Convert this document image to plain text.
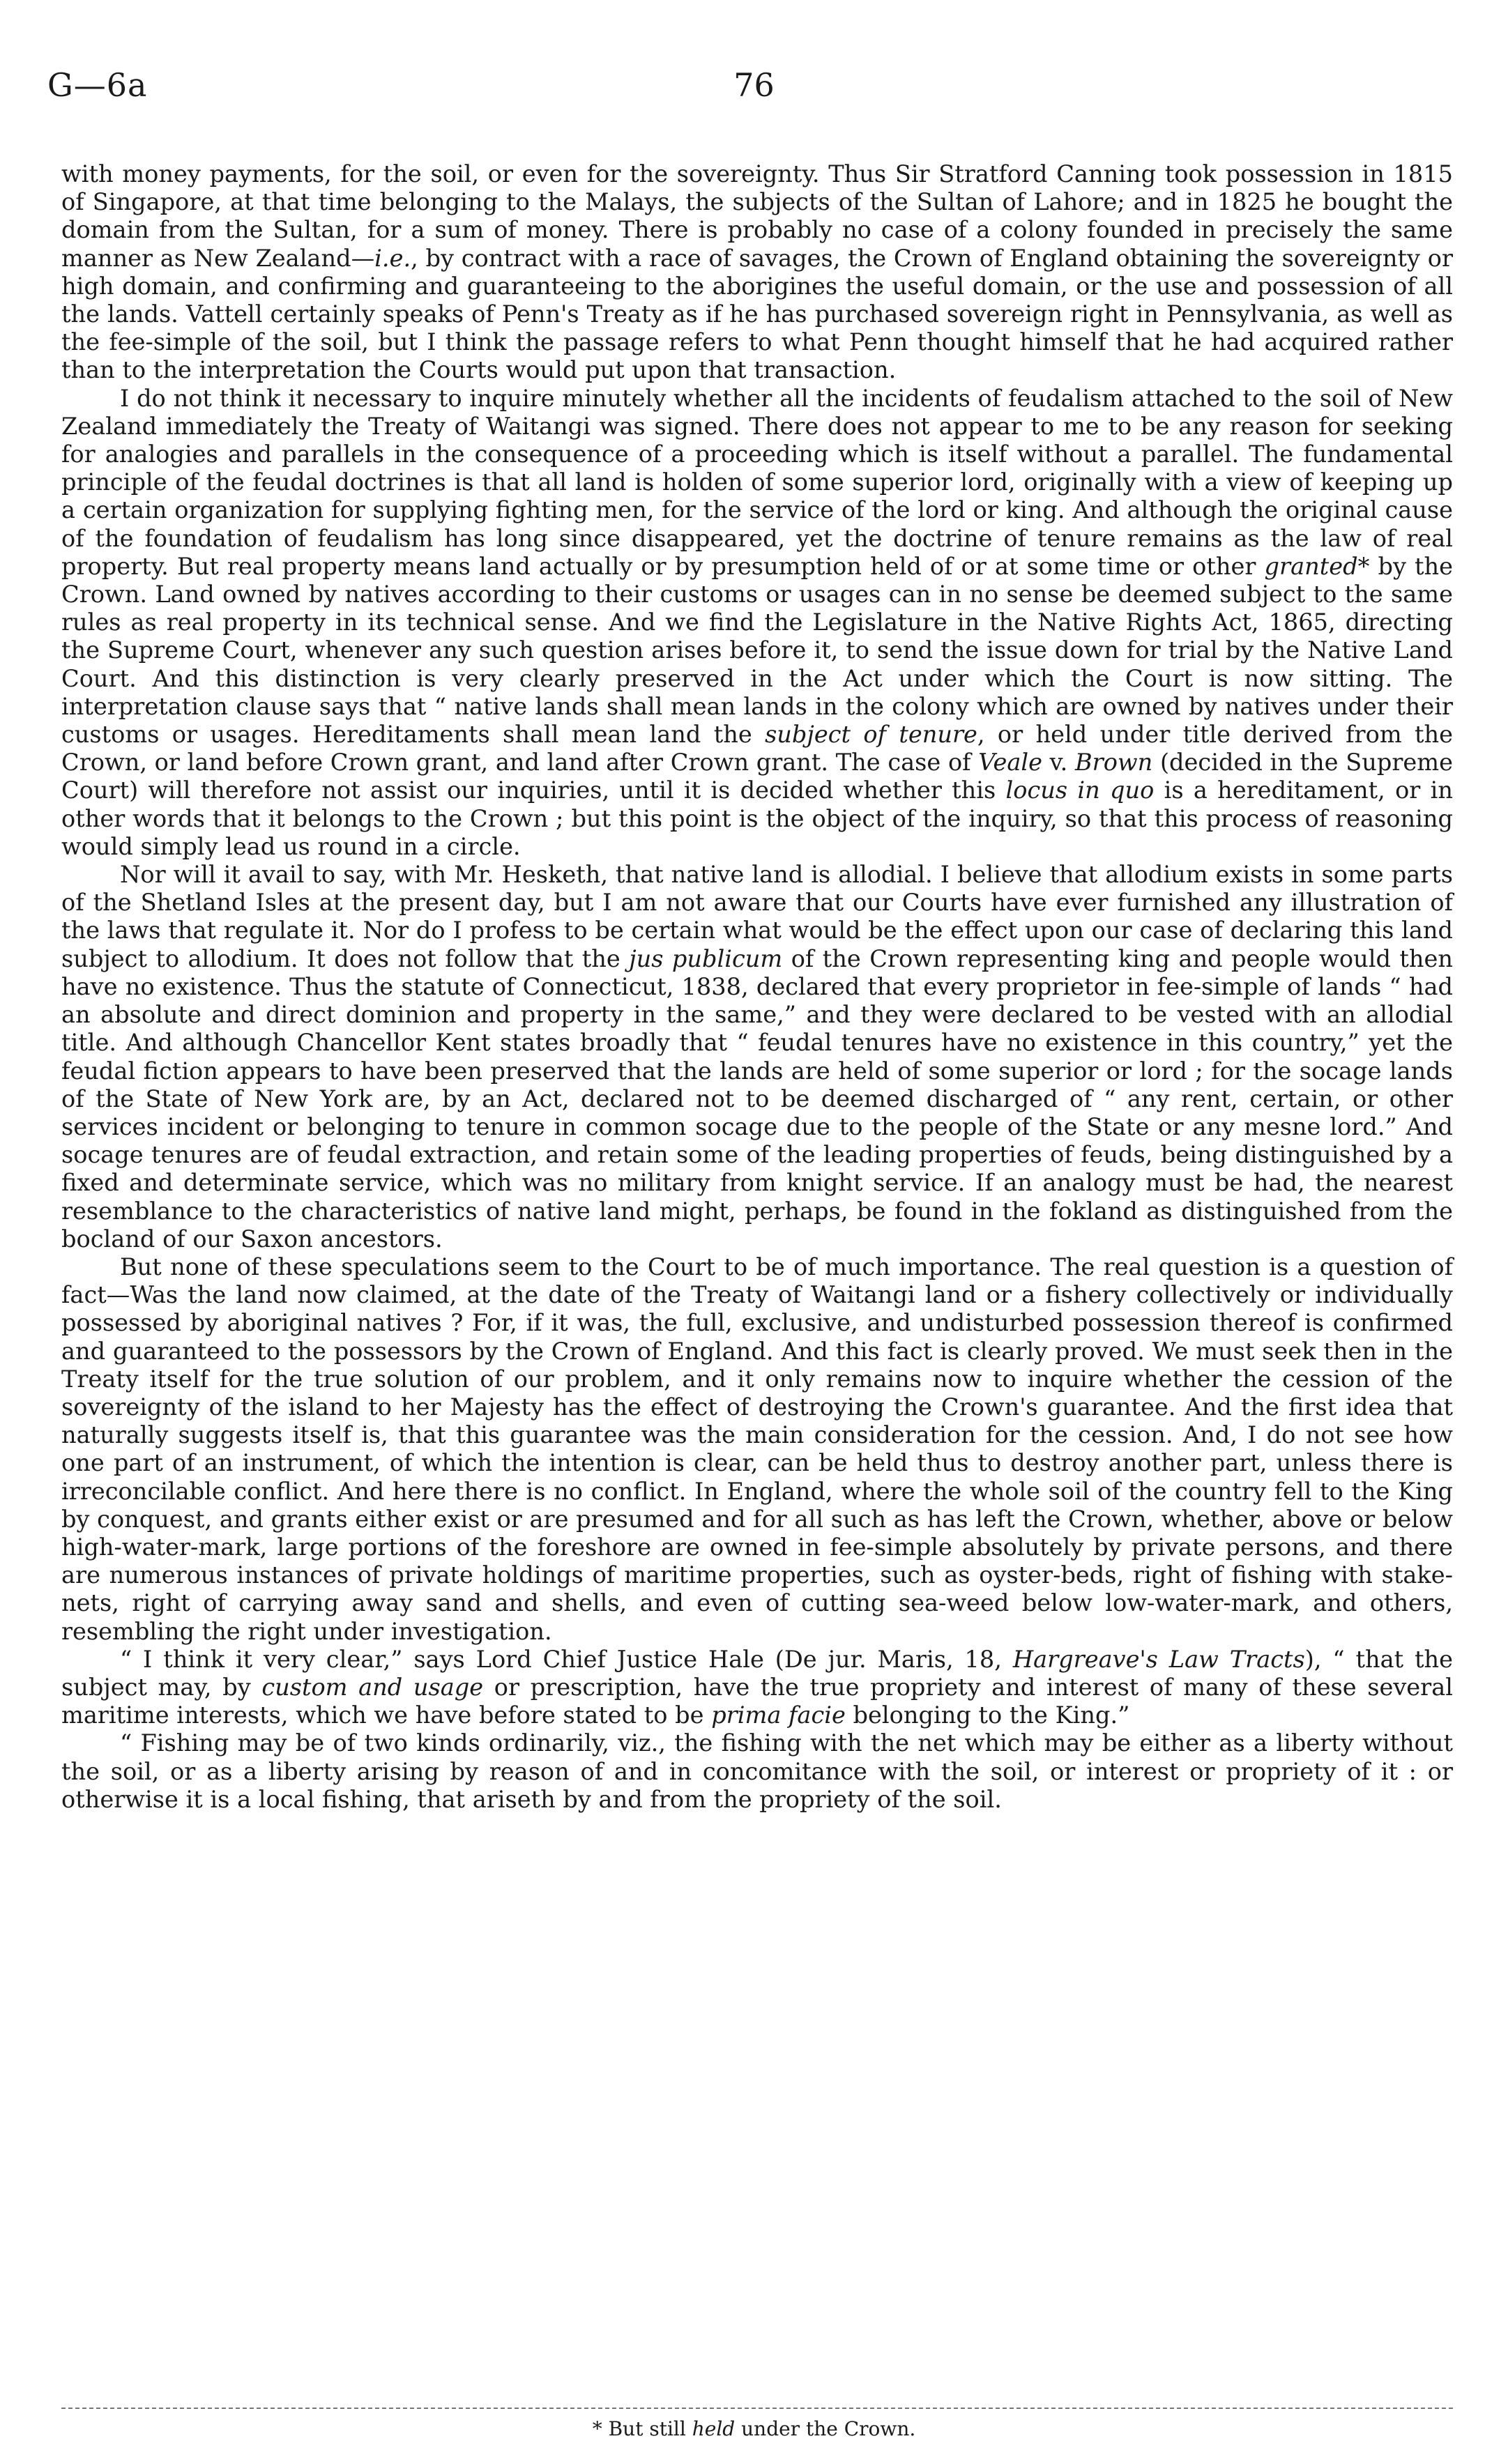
G—6a	76

with money payments, for the soil, or even for the sovereignty. Thus Sir Stratford Canning took possession in 1815 of Singapore, at that time belonging to the Malays, the subjects of the Sultan of Lahore; and in 1825 he bought the domain from the Sultan, for a sum of money. There is probably no case of a colony founded in precisely the same manner as New Zealand—i.e., by contract with a race of savages, the Crown of England obtaining the sovereignty or high domain, and confirming and guaranteeing to the aborigines the useful domain, or the use and possession of all the lands. Vattell certainly speaks of Penn's Treaty as if he has purchased sovereign right in Pennsylvania, as well as the fee-simple of the soil, but I think the passage refers to what Penn thought himself that he had acquired rather than to the interpretation the Courts would put upon that transaction.

I do not think it necessary to inquire minutely whether all the incidents of feudalism attached to the soil of New Zealand immediately the Treaty of Waitangi was signed. There does not appear to me to be any reason for seeking for analogies and parallels in the consequence of a proceeding which is itself without a parallel. The fundamental principle of the feudal doctrines is that all land is holden of some superior lord, originally with a view of keeping up a certain organization for supplying fighting men, for the service of the lord or king. And although the original cause of the foundation of feudalism has long since disappeared, yet the doctrine of tenure remains as the law of real property. But real property means land actually or by presumption held of or at some time or other granted* by the Crown. Land owned by natives according to their customs or usages can in no sense be deemed subject to the same rules as real property in its technical sense. And we find the Legislature in the Native Rights Act, 1865, directing the Supreme Court, whenever any such question arises before it, to send the issue down for trial by the Native Land Court. And this distinction is very clearly preserved in the Act under which the Court is now sitting. The interpretation clause says that “ native lands shall mean lands in the colony which are owned by natives under their customs or usages. Hereditaments shall mean land the subject of tenure, or held under title derived from the Crown, or land before Crown grant, and land after Crown grant. The case of Veale v. Brown (decided in the Supreme Court) will therefore not assist our inquiries, until it is decided whether this locus in quo is a hereditament, or in other words that it belongs to the Crown ; but this point is the object of the inquiry, so that this process of reasoning would simply lead us round in a circle.

Nor will it avail to say, with Mr. Hesketh, that native land is allodial. I believe that allodium exists in some parts of the Shetland Isles at the present day, but I am not aware that our Courts have ever furnished any illustration of the laws that regulate it. Nor do I profess to be certain what would be the effect upon our case of declaring this land subject to allodium. It does not follow that the jus publicum of the Crown representing king and people would then have no existence. Thus the statute of Connecticut, 1838, declared that every proprietor in fee-simple of lands “ had an absolute and direct dominion and property in the same,” and they were declared to be vested with an allodial title. And although Chancellor Kent states broadly that “ feudal tenures have no existence in this country,” yet the feudal fiction appears to have been preserved that the lands are held of some superior or lord ; for the socage lands of the State of New York are, by an Act, declared not to be deemed discharged of “ any rent, certain, or other services incident or belonging to tenure in common socage due to the people of the State or any mesne lord.” And socage tenures are of feudal extraction, and retain some of the leading properties of feuds, being distinguished by a fixed and determinate service, which was no military from knight service. If an analogy must be had, the nearest resemblance to the characteristics of native land might, perhaps, be found in the fokland as distinguished from the bocland of our Saxon ancestors.

But none of these speculations seem to the Court to be of much importance. The real question is a question of fact—Was the land now claimed, at the date of the Treaty of Waitangi land or a fishery collectively or individually possessed by aboriginal natives ? For, if it was, the full, exclusive, and undisturbed possession thereof is confirmed and guaranteed to the possessors by the Crown of England. And this fact is clearly proved. We must seek then in the Treaty itself for the true solution of our problem, and it only remains now to inquire whether the cession of the sovereignty of the island to her Majesty has the effect of destroying the Crown's guarantee. And the first idea that naturally suggests itself is, that this guarantee was the main consideration for the cession. And, I do not see how one part of an instrument, of which the intention is clear, can be held thus to destroy another part, unless there is irreconcilable conflict. And here there is no conflict. In England, where the whole soil of the country fell to the King by conquest, and grants either exist or are presumed and for all such as has left the Crown, whether, above or below high-water-mark, large portions of the foreshore are owned in fee-simple absolutely by private persons, and there are numerous instances of private holdings of maritime properties, such as oyster-beds, right of fishing with stake-nets, right of carrying away sand and shells, and even of cutting sea-weed below low-water-mark, and others, resembling the right under investigation.

“ I think it very clear,” says Lord Chief Justice Hale (De jur. Maris, 18, Hargreave's Law Tracts), “ that the subject may, by custom and usage or prescription, have the true propriety and interest of many of these several maritime interests, which we have before stated to be prima facie belonging to the King.”

“ Fishing may be of two kinds ordinarily, viz., the fishing with the net which may be either as a liberty without the soil, or as a liberty arising by reason of and in concomitance with the soil, or interest or propriety of it : or otherwise it is a local fishing, that ariseth by and from the propriety of the soil.

* But still held under the Crown.
